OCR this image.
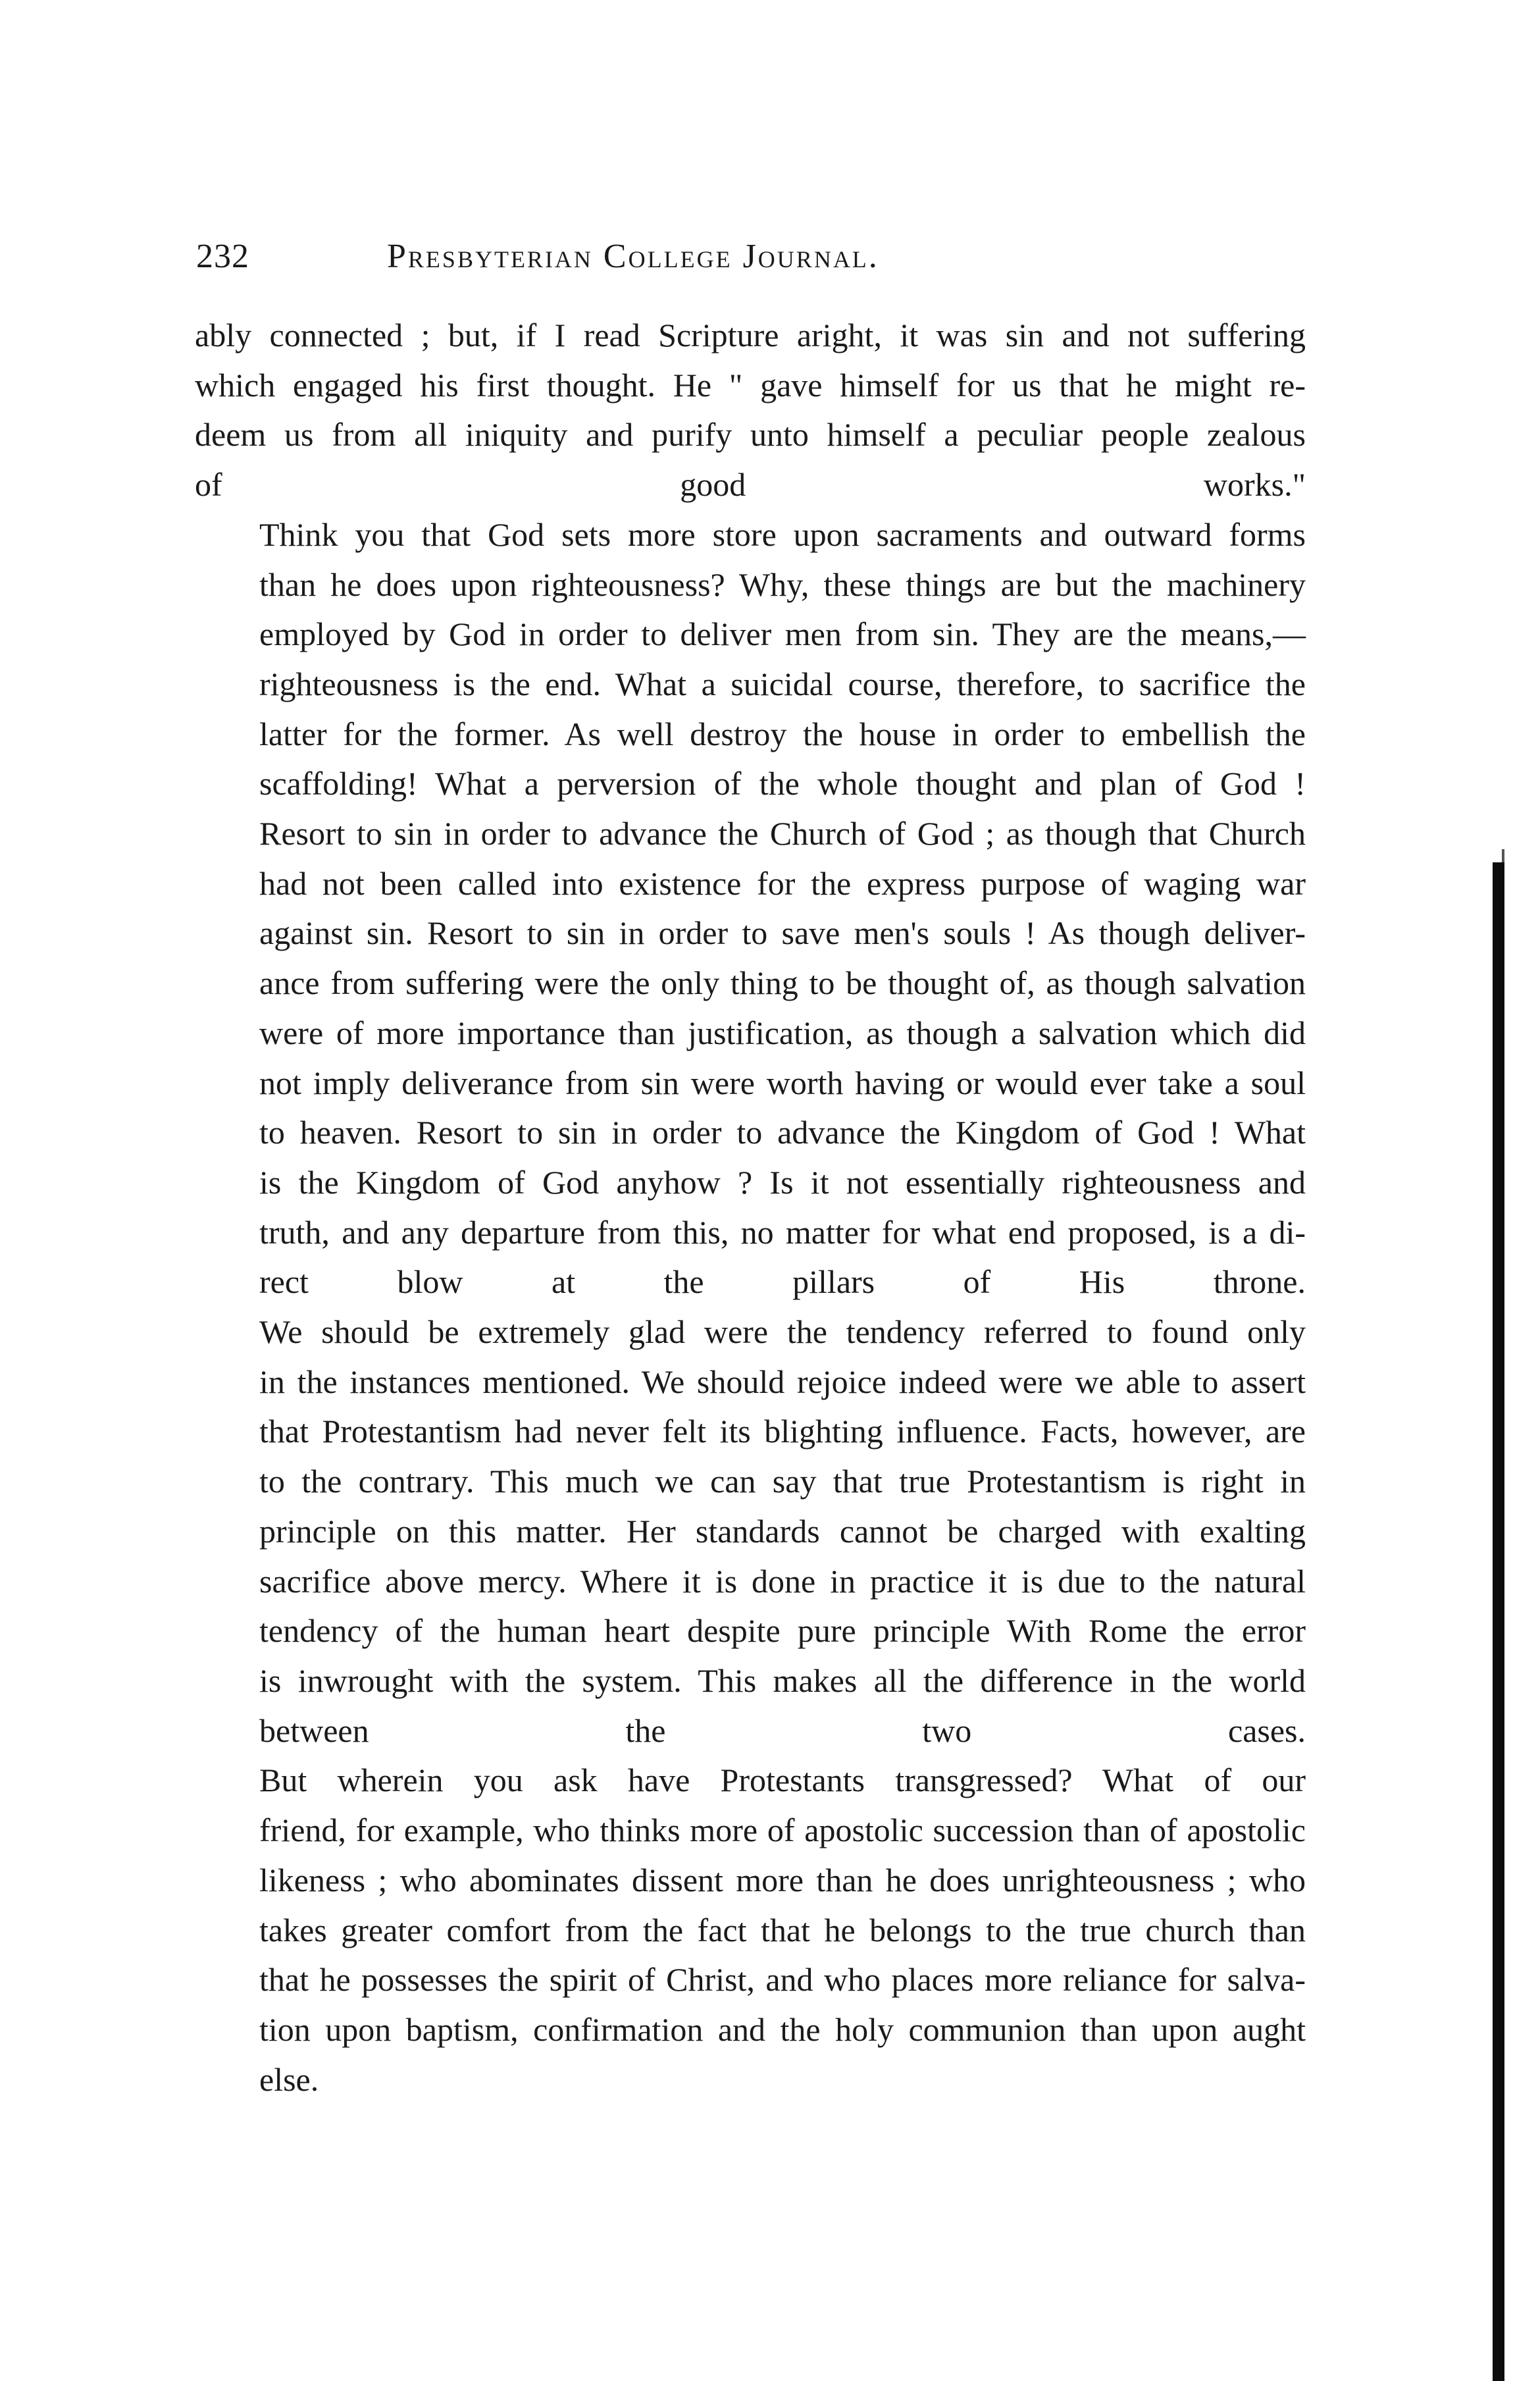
232	Presbyterian College Journal.

ably connected ; but, if I read Scripture aright, it was sin and not suffering
which engaged his first thought. He " gave himself for us that he might re-
deem us from all iniquity and purify unto himself a peculiar people zealous
of good works."

Think you that God sets more store upon sacraments and outward forms
than he does upon righteousness? Why, these things are but the machinery
employed by God in order to deliver men from sin. They are the means,—
righteousness is the end. What a suicidal course, therefore, to sacrifice the
latter for the former. As well destroy the house in order to embellish the
scaffolding! What a perversion of the whole thought and plan of God !
Resort to sin in order to advance the Church of God ; as though that Church
had not been called into existence for the express purpose of waging war
against sin. Resort to sin in order to save men's souls ! As though deliver-
ance from suffering were the only thing to be thought of, as though salvation
were of more importance than justification, as though a salvation which did
not imply deliverance from sin were worth having or would ever take a soul
to heaven. Resort to sin in order to advance the Kingdom of God ! What
is the Kingdom of God anyhow ? Is it not essentially righteousness and
truth, and any departure from this, no matter for what end proposed, is a di-
rect blow at the pillars of His throne.

We should be extremely glad were the tendency referred to found only
in the instances mentioned. We should rejoice indeed were we able to assert
that Protestantism had never felt its blighting influence. Facts, however, are
to the contrary. This much we can say that true Protestantism is right in
principle on this matter. Her standards cannot be charged with exalting
sacrifice above mercy. Where it is done in practice it is due to the natural
tendency of the human heart despite pure principle With Rome the error
is inwrought with the system. This makes all the difference in the world
between the two cases.

But wherein you ask have Protestants transgressed? What of our
friend, for example, who thinks more of apostolic succession than of apostolic
likeness ; who abominates dissent more than he does unrighteousness ; who
takes greater comfort from the fact that he belongs to the true church than
that he possesses the spirit of Christ, and who places more reliance for salva-
tion upon baptism, confirmation and the holy communion than upon aught
else.
